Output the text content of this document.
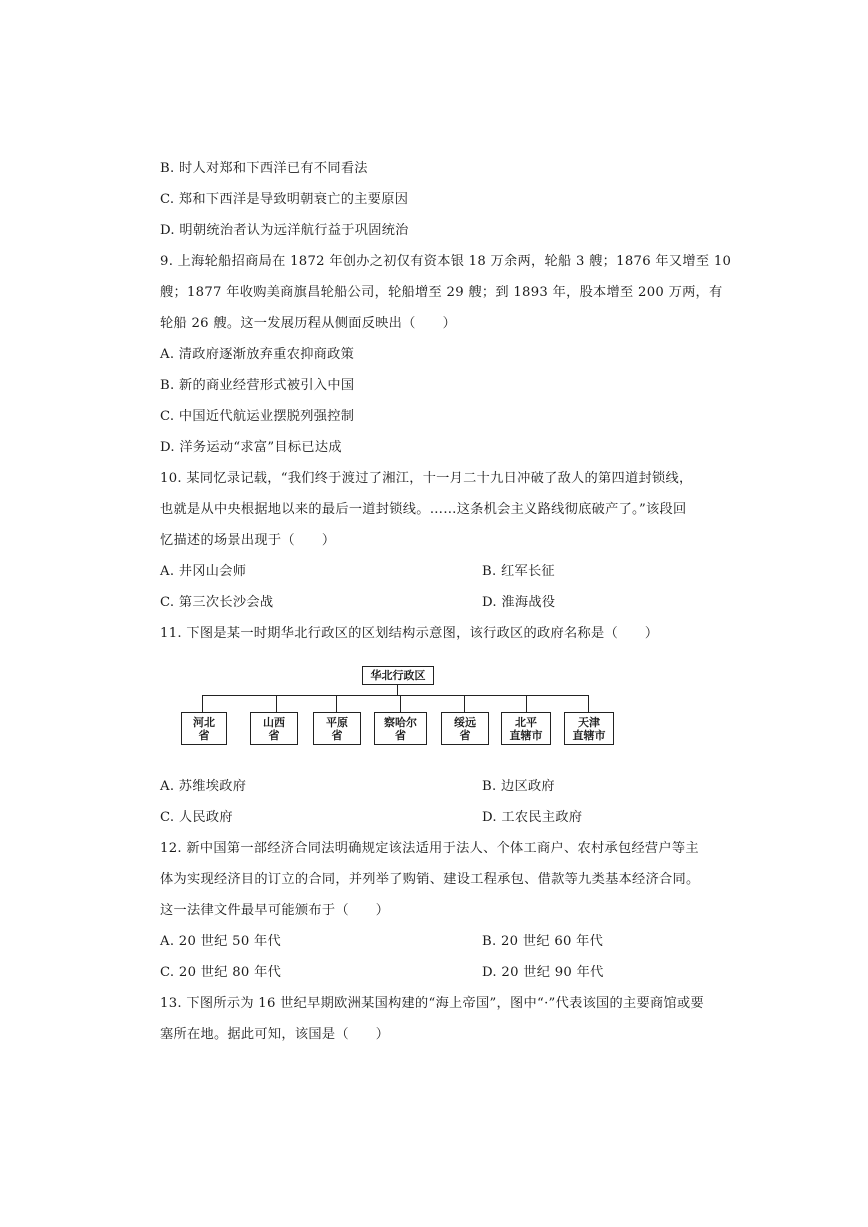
B. 时人对郑和下西洋已有不同看法
C. 郑和下西洋是导致明朝衰亡的主要原因
D. 明朝统治者认为远洋航行益于巩固统治
9. 上海轮船招商局在 1872 年创办之初仅有资本银 18 万余两，轮船 3 艘；1876 年又增至 10
艘；1877 年收购美商旗昌轮船公司，轮船增至 29 艘；到 1893 年，股本增至 200 万两，有
轮船 26 艘。这一发展历程从侧面反映出（　　）
A. 清政府逐渐放弃重农抑商政策
B. 新的商业经营形式被引入中国
C. 中国近代航运业摆脱列强控制
D. 洋务运动“求富”目标已达成
10. 某同忆录记载，“我们终于渡过了湘江，十一月二十九日冲破了敌人的第四道封锁线，
也就是从中央根据地以来的最后一道封锁线。……这条机会主义路线彻底破产了。”该段回
忆描述的场景出现于（　　）
A. 井冈山会师	B. 红军长征
C. 第三次长沙会战	D. 淮海战役
11. 下图是某一时期华北行政区的区划结构示意图，该行政区的政府名称是（　　）
华北行政区
河北
省
山西
省
平原
省
察哈尔
省
绥远
省
北平
直辖市
天津
直辖市
A. 苏维埃政府	B. 边区政府
C. 人民政府	D. 工农民主政府
12. 新中国第一部经济合同法明确规定该法适用于法人、个体工商户、农村承包经营户等主
体为实现经济目的订立的合同，并列举了购销、建设工程承包、借款等九类基本经济合同。
这一法律文件最早可能颁布于（　　）
A. 20 世纪 50 年代	B. 20 世纪 60 年代
C. 20 世纪 80 年代	D. 20 世纪 90 年代
13. 下图所示为 16 世纪早期欧洲某国构建的“海上帝国”，图中“·”代表该国的主要商馆或要
塞所在地。据此可知，该国是（　　）
